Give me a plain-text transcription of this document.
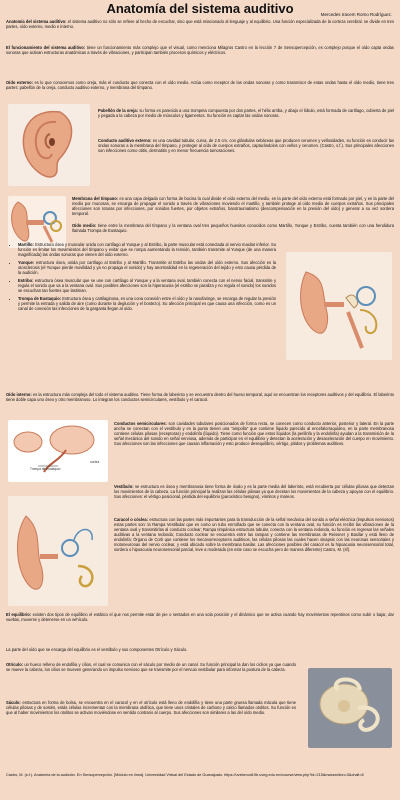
Anatomía del sistema auditivo	Mercedes Iracem Romo Rodríguez.
Anatomía del sistema auditivo: el sistema auditivo no sólo se refiere al hecho de escuchar, sino que está relacionado al lenguaje y al equilibrio. Una función especializada de la corteza cerebral. se divide en tres partes, oído externo, medio e interno.
El funcionamiento del sistema auditivo: tiene un funcionamiento más complejo que el visual, como menciona Milagros Castro en la lección 7 de Sensopercepción, es complejo porque el oído capta ondas sonoras que activan estructuras anatómicas a través de vibraciones, y participan también procesos químicos y eléctricos.
Oído externo: es lo que conocemos como oreja, más el conducto que conecta con el oído medio. Actúa como receptor de las ondas sonoras y como transmisor de estas ondas hasta el oído medio, tiene tres partes: pabellón de la oreja, conducto auditivo externo, y membrana del tímpano.
Pabellón de la oreja: su forma es parecida a una trompeta compuesta por dos partes, el hélix arriba, y abajo el lóbulo, está formada de cartílago, cubierta de piel y pegada a la cabeza por medio de músculos y ligamentos. Su función es captar las ondas sonoras.
Conducto auditivo externo: es una cavidad tubular, curva, de 2.5 cm, con glándulas sebáceas que producen cerumen y vellosidades, su función es conducir las ondas sonoras a la membrana del tímpano, y proteger al oído de cuerpos extraños, capturándolos con vellos y cerumen. (Castro, s.f.). Sus principales afecciones son infecciones como otitis, dermatitis y en menor frecuencia tumoraciones.
Membrana del tímpano: es una capa delgada con forma de bocina la cual divide el oído externo del medio, en la parte del oído externo está formado por piel, y en la parte del medio por mucosas, se encarga de propagar el sonido a través de vibraciones moviendo el martillo, y también protege al oído medio de cuerpos extraños. Sus principales afecciones son roturas por infecciones, por sonidos fuertes, por objetos extraños, barotraumatismo (descompensación en la presión del oído) y generar a su vez sordera temporal.
Oído medio: tiene entre la membrana del tímpano y la ventana oval tres pequeños huesitos conocidos como Martillo, Yunque y Estribo, cuenta también con una hendidura llamada Trompa de Eustaquio.
• Martillo: Estructura ósea y muscular unida con cartílago al Yunque y al Estribo, la parte muscular está conectada al nervio maxilar inferior. Su función es limitar los movimientos del tímpano y evitar que se rompa aumentando la tensión, también transmite al Yunque (de una manera magnificada) las ondas sonoras que vienen del oído externo.
• Yunque: estructura ósea, unida por cartílago al Estribo y al Martillo. Transmite al Estribo las ondas del oído externo. Sus afección es la otosclerosis (el Yunque pierde movilidad y ya no propaga el sonido) y hay anormalidad en la regeneración del tejido y esto causa pérdida de la audición.
• Estribo: estructura ósea muscular que se une con cartílago al Yunque y a la ventana oval, también conecta con el nervio facial, transmite y regula el sonido que va a la ventana oval. Sus posibles afecciones son la hiperacusia (el estribo se paraliza y no regula el sonido) los sonidos se escuchan tan fuertes que lastiman.
• Trompa de Eustaquio: Estructura ósea y cartilaginosa, es una cona conexión entre el oído y la nasofaringe, se encarga de regular la presión y permite la entrada y salida de aire (como durante la deglución y el bostezo). Su afección principal es que causa una infección, como es un canal de conexión las infecciones de la garganta llegan al oído.
Oído interno: es la estructura más compleja del todo el sistema auditivo. Tiene forma de laberinto y se encuentra dentro del hueso temporal, aquí se encuentran los receptores auditivos y del equilibrio. El laberinto tiene doble capa uno óseo y otro membranoso. Lo integran los conductos semicirculares, vestíbulo y el caracol.
Trompa de Eustaquio
cóclea
Conductos semicirculares: son cavidades tubulares posicionados de forma recta, se conecen como conducto anterior, posterior y lateral. En la parte ancha se conectan con el vestíbulo y en la punta tienen una "ampolla" que contiene líquido parecido al encefalorraquídeo, en la parte membranosa contiene células pilosas (receptoras) y endolinfa (líquido). Tiene como función que estos líquidos (la perilinfa y la endolinfa) ayudan a la transmisión de la señal mecánica del sonido en señal nerviosa, además de participar en el equilibrio y detectan la aceleración y desaceleración del cuerpo en movimiento. Sus afecciones son las infecciones que causan inflamación y esto produce desequilibrio, vértigo, pitidos y problemas auditivos.
Vestíbulo: se estructura es ósea y membranosa tiene forma de óvalo y es la parte media del laberinto, está recubierta por células pilosas que detectan los movimientos de la cabeza. La función principal la realizan las células pilosas ya que decetan los movimientos de la cabeza y apoyan con el equilibrio. Sus afecciones: el vértigo posicional, pérdida del equilibrio (paroxístico benigno), vómitos y mareos.
Caracol o cóclea: estructura con las partes más importantes para la transducción de la señal mecánica del sonido a señal eléctrica (impulsos nerviosos) estas partes son: la Rampa Vestibular que es como un tubo enrrollado que se conecta con la ventana oval, su función es recibir las vibraciones de la ventana oval y transmitirlas al conducto coclear; Rampa timpánica estructura tubular, conecta con la ventana redonda, su función es regresar las señales auditivas a la ventana redonda; Conducto coclear se encuentra entre las rampas y contiene las membranas de Reissner y Basilar y está lleno de endolinfa; Órgano de Corti que contiene los mecanorreceptores auditivos, las células pilosas las cuales hacen sinapsis con las neuronas sensoriales y motoneuronas del nervio coclear, y está ubicado sobre la membrana basilar. Las afecciones posibles del caracol es la hipoacusia neurosensorial total, sordera o hipoacusia neurosensorial parcial, leve a moderada (en este caso se escucha pero de manera diferente) Castro, M. (sf).
El equilibrio: existen dos tipos de equilibrio el estático el que nos permite estar de pie o sentados en una sola posición y el dinámico que se activa cuando hay movimientos repentinos como subir o bajar, dar vueltas, moverse y detenerse en un vehículo.
La parte del oído que se encarga del equilibrio es el vestíbulo y sus componentes Otrículo y Sáculo.
Otrículo: un hueco relleno de endofilia y cilios, el cual se comunica con el sáculo por medio de un canal. Su función principal la dan los ciclios ya que cuando se mueve la cabeza, los cilios se mueven generando un impulso nervioso que se transmite por el nervuio vestibular para informar la postura de la cabeza.
Sáculo: estructura en forma de bolsa, se encuentra en el caracol y en el otrículo está lleno de endolifia y tiene una parte gruesa llamada mácula que tiene células pilosas y de sostén, estás células incrementan con la membrana otolítica, que tiene unos cristales de carbono y calcio llamados otolitos. Su función es que al haber movimientos los otolitos se activan moviéndose en sentido contrario al cuerpo. Sus afecciones son similares a las del oído medio.
Castro, M. (s.f.). Anatomía de la audición. En Sensopercepción. [Módulo en línea]. Universidad Virtual del Estado de Guanajuato. https://uvelcmod19b.uveg.edu.mx/course/view.php?id=215&maxsection=3&chall=8
